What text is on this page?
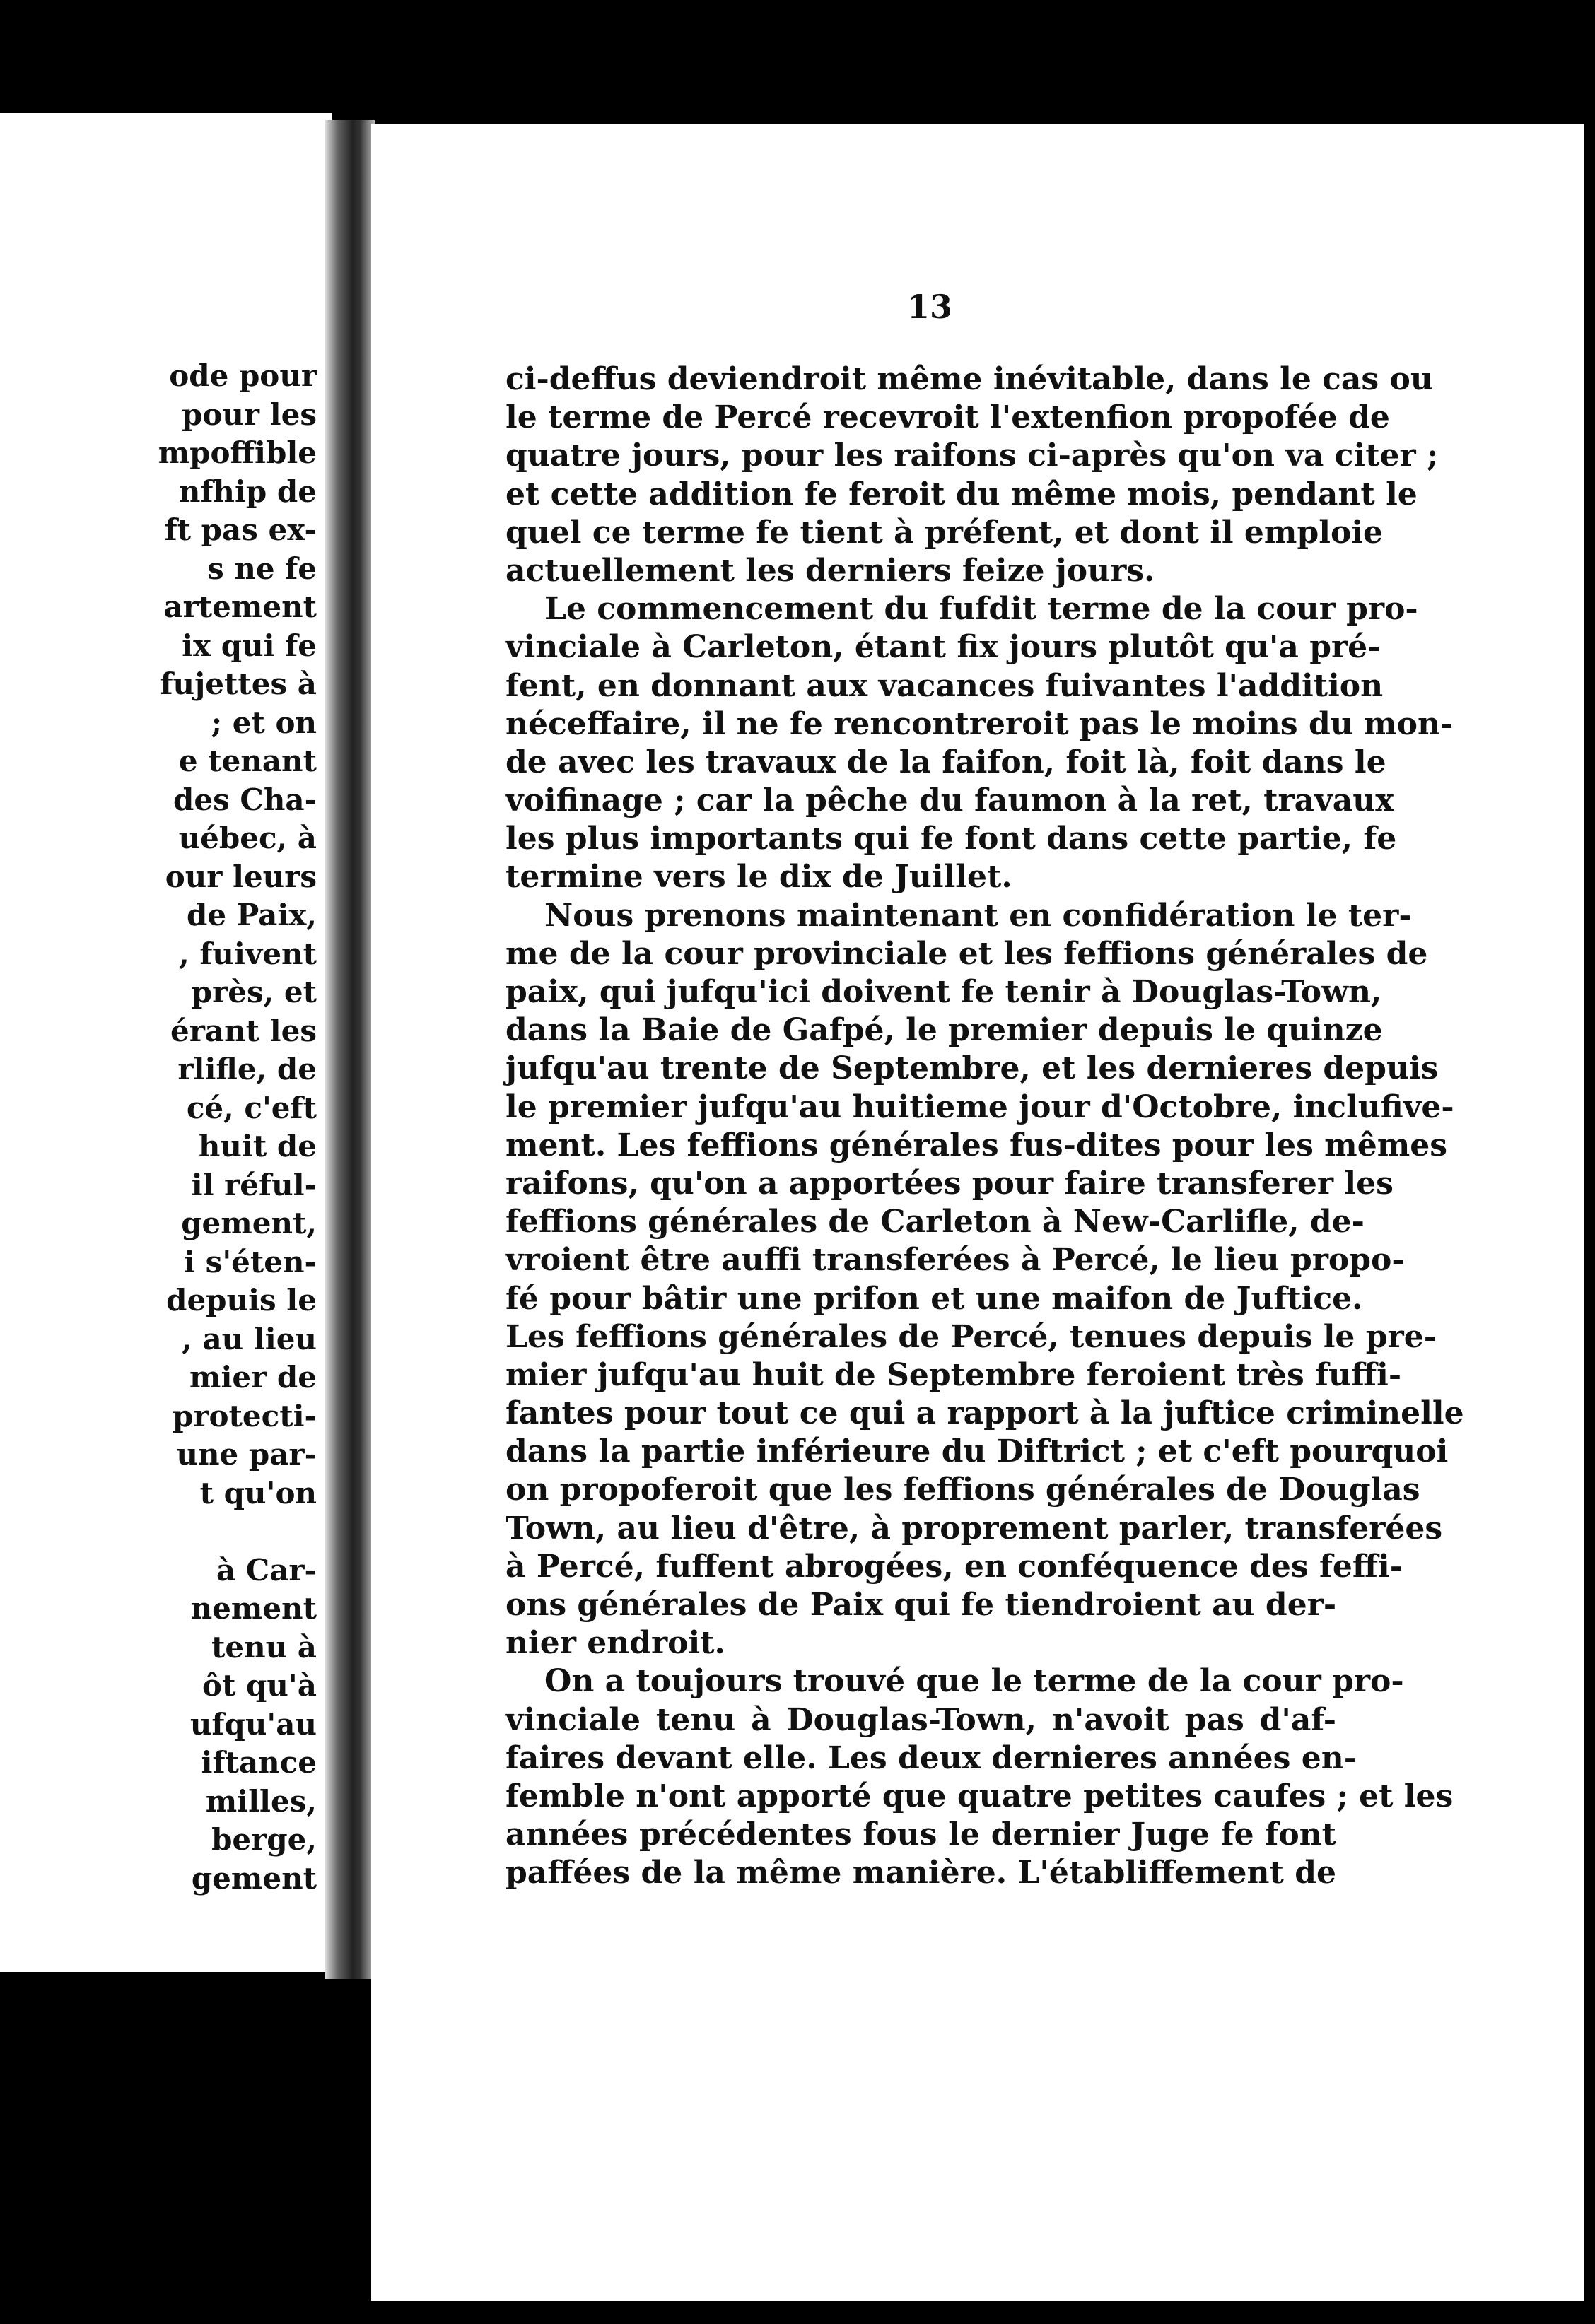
ode pour
pour les
mpoffible
nfhip de
ft pas ex-
s ne fe
artement
ix qui fe
fujettes à
; et on
e tenant
des Cha-
uébec, à
our leurs
de Paix,
, fuivent
près, et
érant les
rlifle, de
cé, c'eft
huit de
il réful-
gement,
i s'éten-
depuis le
, au lieu
mier de
protecti-
une par-
t qu'on
à Car-
nement
tenu à
ôt qu'à
ufqu'au
iftance
milles,
berge,
gement
13
ci-deffus deviendroit même inévitable, dans le cas ou
le terme de Percé recevroit l'extenfion propofée de
quatre jours, pour les raifons ci-après qu'on va citer ;
et cette addition fe feroit du même mois, pendant le
quel ce terme fe tient à préfent, et dont il emploie
actuellement les derniers feize jours.
Le commencement du fufdit terme de la cour pro-
vinciale à Carleton, étant fix jours plutôt qu'a pré-
fent, en donnant aux vacances fuivantes l'addition
néceffaire, il ne fe rencontreroit pas le moins du mon-
de avec les travaux de la faifon, foit là, foit dans le
voifinage ; car la pêche du faumon à la ret, travaux
les plus importants qui fe font dans cette partie, fe
termine vers le dix de Juillet.
Nous prenons maintenant en confidération le ter-
me de la cour provinciale et les feffions générales de
paix, qui jufqu'ici doivent fe tenir à Douglas-Town,
dans la Baie de Gafpé, le premier depuis le quinze
jufqu'au trente de Septembre, et les dernieres depuis
le premier jufqu'au huitieme jour d'Octobre, inclufive-
ment. Les feffions générales fus-dites pour les mêmes
raifons, qu'on a apportées pour faire transferer les
feffions générales de Carleton à New-Carlifle, de-
vroient être auffi transferées à Percé, le lieu propo-
fé pour bâtir une prifon et une maifon de Juftice.
Les feffions générales de Percé, tenues depuis le pre-
mier jufqu'au huit de Septembre feroient très fuffi-
fantes pour tout ce qui a rapport à la juftice criminelle
dans la partie inférieure du Diftrict ; et c'eft pourquoi
on propoferoit que les feffions générales de Douglas
Town, au lieu d'être, à proprement parler, transferées
à Percé, fuffent abrogées, en conféquence des feffi-
ons générales de Paix qui fe tiendroient au der-
nier endroit.
On a toujours trouvé que le terme de la cour pro-
vinciale tenu à Douglas-Town, n'avoit pas d'af-
faires devant elle. Les deux dernieres années en-
femble n'ont apporté que quatre petites caufes ; et les
années précédentes fous le dernier Juge fe font
paffées de la même manière. L'établiffement de
